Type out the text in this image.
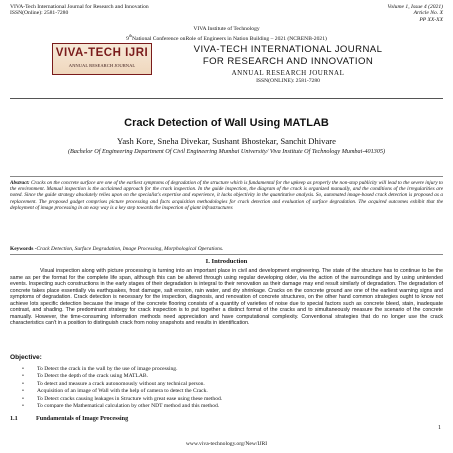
VIVA-Tech International Journal for Research and Innovation
ISSN(Online): 2581-7280
Volume 1, Issue 4 (2021)
Article No. X
PP XX-XX
VIVA Institute of Technology
9thNational Conference onRole of Engineers in Nation Building – 2021 (NCRENB-2021)
VIVA-TECH IJRI
ANNUAL RESEARCH JOURNAL
VIVA-TECH INTERNATIONAL JOURNAL
FOR RESEARCH AND INNOVATION
ANNUAL RESEARCH JOURNAL
ISSN(ONLINE): 2581-7280
Crack Detection of Wall Using MATLAB
Yash Kore, Sneha Divekar, Sushant Bhostekar, Sanchit Dhivare
(Bachelor Of Engineering Department Of Civil Engineering Mumbai University/ Viva Institute Of Technology Mumbai-401305)
Abstract: Cracks on the concrete surface are one of the earliest symptoms of degradation of the structure which is fundamental for the upkeep as properly the non-stop publicity will lead to the severe injury to the environment. Manual inspection is the acclaimed approach for the crack inspection. In the guide inspection, the diagram of the crack is organized manually, and the conditions of the irregularities are noted. Since the guide strategy absolutely relies upon on the specialist's expertise and experience, it lacks objectivity in the quantitative analysis. So, automated image-based crack detection is proposed as a replacement. The proposed gadget comprises picture processing and facts acquisition methodologies for crack detection and evaluation of surface degradation. The acquired outcomes exhibit that the deployment of image processing in an easy way is a key step towards the inspection of giant infrastructures
Keywords -Crack Detection, Surface Degradation, Image Processing, Morphological Operations.
I. Introduction
Visual inspection along with picture processing is turning into an important place in civil and development engineering. The state of the structure has to continue to be the same as per the format for the complete life span, although this can be altered through using regular developing older, via the action of the surroundings and by using unintended events. Inspecting such constructions in the early stages of their degradation is integral to their renovation as their damage may end result similarly of degradation. The degradation of concrete takes place essentially via earthquakes, frost damage, salt erosion, rain water, and dry shrinkage. Cracks on the concrete ground are one of the earliest warning signs and symptoms of degradation. Crack detection is necessary for the inspection, diagnosis, and renovation of concrete structures, on the other hand common strategies ought to know not achieve lots specific detection because the image of the concrete flooring consists of a quantity of varieties of noise due to special factors such as concrete bleed, stain, inadequate contrast, and shading. The predominant strategy for crack inspection is to put together a distinct format of the cracks and to simultaneously measure the scenario of the concrete manually. However, the time-consuming information methods need appreciation and have computational complexity. Conventional strategies that do no longer use the crack characteristics can't in a position to distinguish crack from noisy snapshots and results in identification.
Objective:
• To Detect the crack in the wall by the use of image processing.
• To Detect the depth of the crack using MATLAB.
• To detect and measure a crack autonomously without any technical person.
• Acquisition of an image of Wall with the help of camera to detect the Crack.
• To Detect cracks causing leakages in Structure with great ease using these method.
• To compare the Mathematical calculation by other NDT method and this method.
1.1	Fundamentals of Image Processing
1
www.viva-technology.org/New/IJRI
